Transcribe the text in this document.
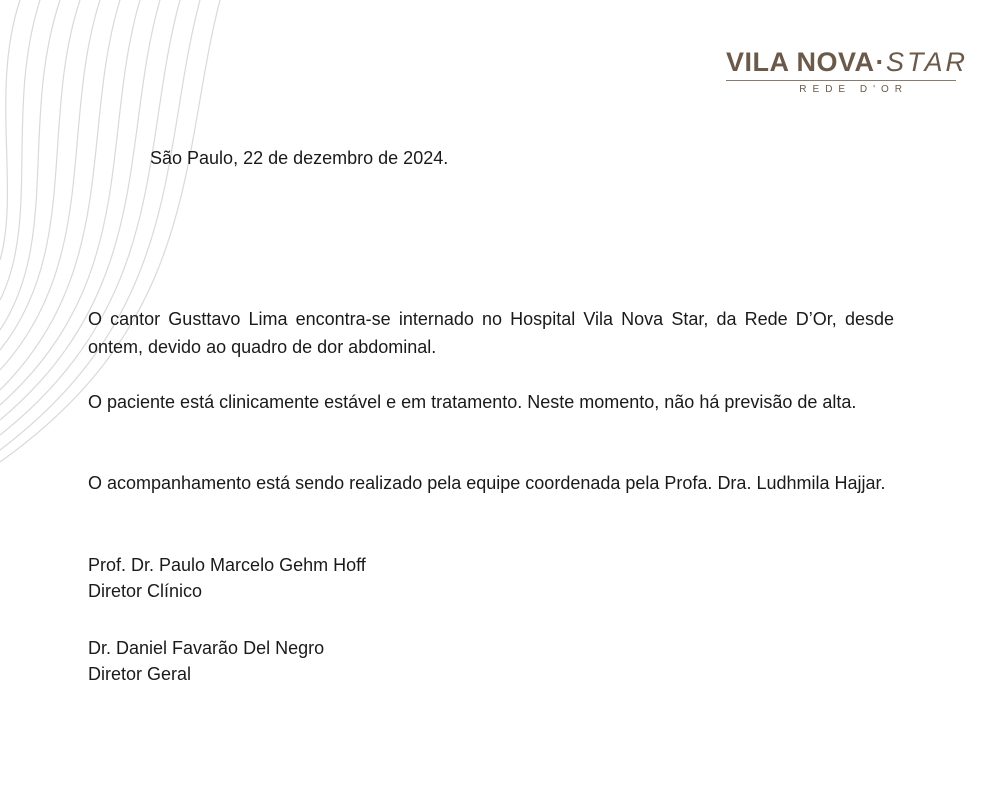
VILA NOVA·STAR
REDE D'OR
São Paulo, 22 de dezembro de 2024.
O cantor Gusttavo Lima encontra-se internado no Hospital Vila Nova Star, da Rede D’Or, desde ontem, devido ao quadro de dor abdominal.
O paciente está clinicamente estável e em tratamento. Neste momento, não há previsão de alta.
O acompanhamento está sendo realizado pela equipe coordenada pela Profa. Dra. Ludhmila Hajjar.
Prof. Dr. Paulo Marcelo Gehm Hoff
Diretor Clínico
Dr. Daniel Favarão Del Negro
Diretor Geral
